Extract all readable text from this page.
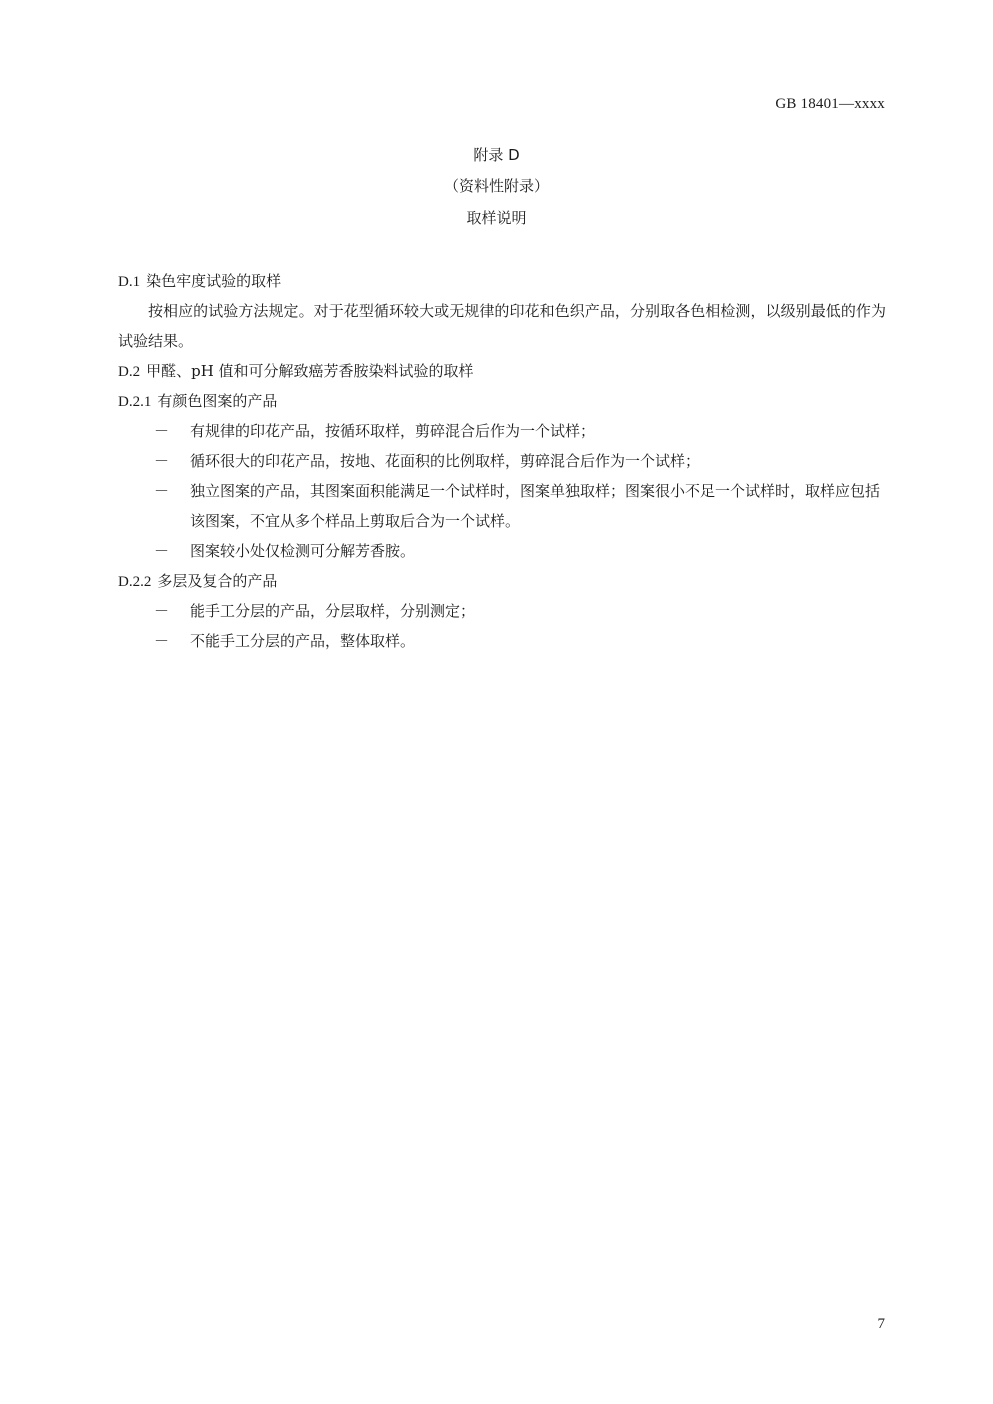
GB 18401—xxxx
附录 D
（资料性附录）
取样说明
D.1 染色牢度试验的取样

按相应的试验方法规定。对于花型循环较大或无规律的印花和色织产品，分别取各色相检测，以级别最低的作为试验结果。

D.2 甲醛、pH 值和可分解致癌芳香胺染料试验的取样
D.2.1 有颜色图案的产品
－ 有规律的印花产品，按循环取样，剪碎混合后作为一个试样；
－ 循环很大的印花产品，按地、花面积的比例取样，剪碎混合后作为一个试样；
－ 独立图案的产品，其图案面积能满足一个试样时，图案单独取样；图案很小不足一个试样时，取样应包括该图案，不宜从多个样品上剪取后合为一个试样。
－ 图案较小处仅检测可分解芳香胺。
D.2.2 多层及复合的产品
－ 能手工分层的产品，分层取样，分别测定；
－ 不能手工分层的产品，整体取样。
7
